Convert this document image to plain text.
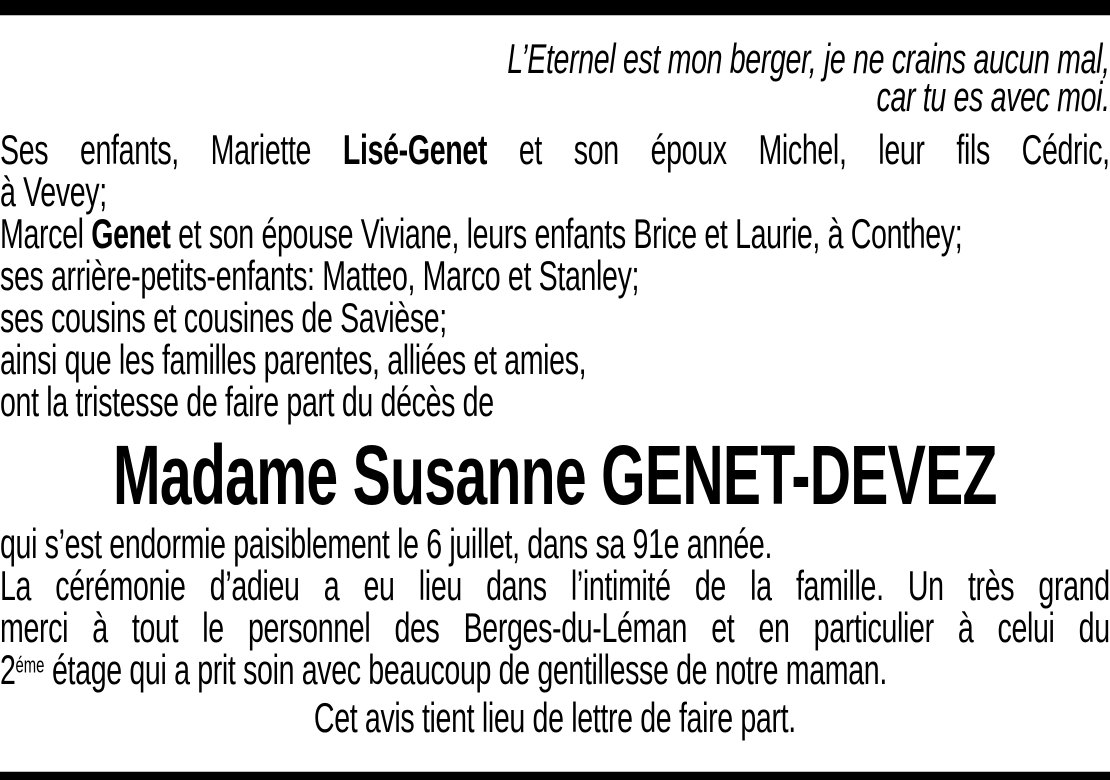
L’Eternel est mon berger, je ne crains aucun mal,
car tu es avec moi.
Ses enfants, Mariette Lisé-Genet et son époux Michel, leur fils Cédric,
à Vevey;
Marcel Genet et son épouse Viviane, leurs enfants Brice et Laurie, à Conthey;
ses arrière-petits-enfants: Matteo, Marco et Stanley;
ses cousins et cousines de Savièse;
ainsi que les familles parentes, alliées et amies,
ont la tristesse de faire part du décès de
Madame Susanne GENET-DEVEZ
qui s’est endormie paisiblement le 6 juillet, dans sa 91e année.
La cérémonie d’adieu a eu lieu dans l’intimité de la famille. Un très grand
merci à tout le personnel des Berges-du-Léman et en particulier à celui du
$2^{éme}$ étage qui a prit soin avec beaucoup de gentillesse de notre maman.
Cet avis tient lieu de lettre de faire part.
